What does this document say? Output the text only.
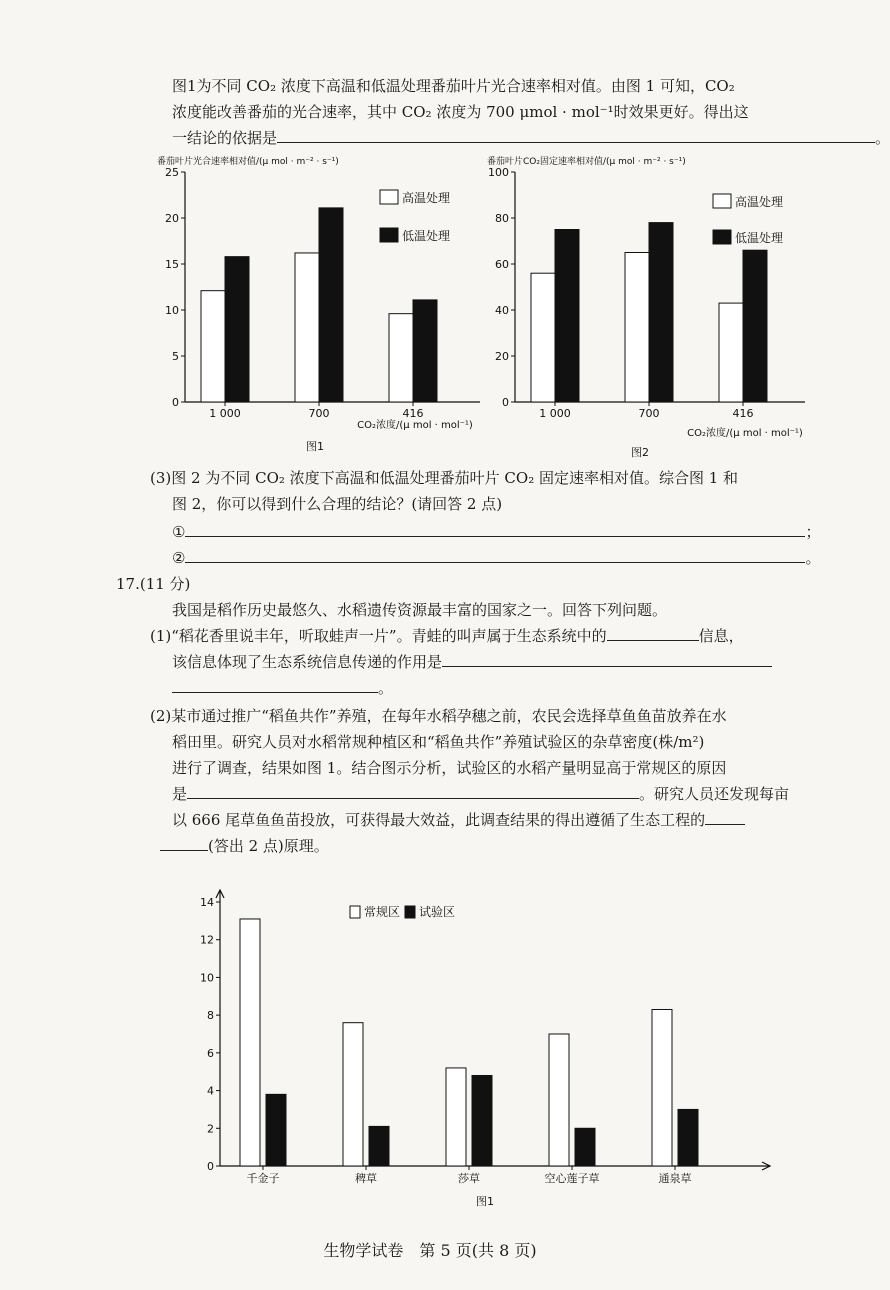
图1为不同 CO₂ 浓度下高温和低温处理番茄叶片光合速率相对值。由图 1 可知，CO₂
浓度能改善番茄的光合速率，其中 CO₂ 浓度为 700 μmol · mol⁻¹时效果更好。得出这
一结论的依据是	。
番茄叶片光合速率相对值/(μ mol · m⁻² · s⁻¹)
0
5
10
15
20
25
1 000	700	416
高温处理
低温处理
CO₂浓度/(μ mol · mol⁻¹)
图1
番茄叶片CO₂固定速率相对值/(μ mol · m⁻² · s⁻¹)
0
20
40
60
80
100
1 000	700	416
高温处理
低温处理
CO₂浓度/(μ mol · mol⁻¹)
图2
(3)图 2 为不同 CO₂ 浓度下高温和低温处理番茄叶片 CO₂ 固定速率相对值。综合图 1 和
图 2，你可以得到什么合理的结论？(请回答 2 点)
①	；
②	。
17.(11 分)
我国是稻作历史最悠久、水稻遗传资源最丰富的国家之一。回答下列问题。
(1)“稻花香里说丰年，听取蛙声一片”。青蛙的叫声属于生态系统中的	信息，
该信息体现了生态系统信息传递的作用是
。
(2)某市通过推广“稻鱼共作”养殖，在每年水稻孕穗之前，农民会选择草鱼鱼苗放养在水
稻田里。研究人员对水稻常规种植区和“稻鱼共作”养殖试验区的杂草密度(株/m²)
进行了调查，结果如图 1。结合图示分析，试验区的水稻产量明显高于常规区的原因
是	。研究人员还发现每亩
以 666 尾草鱼鱼苗投放，可获得最大效益，此调查结果的得出遵循了生态工程的
(答出 2 点)原理。
0
2
4
6
8
10
12
14
千金子	稗草	莎草	空心莲子草	通泉草
常规区 试验区
图1
生物学试卷　第 5 页(共 8 页)
